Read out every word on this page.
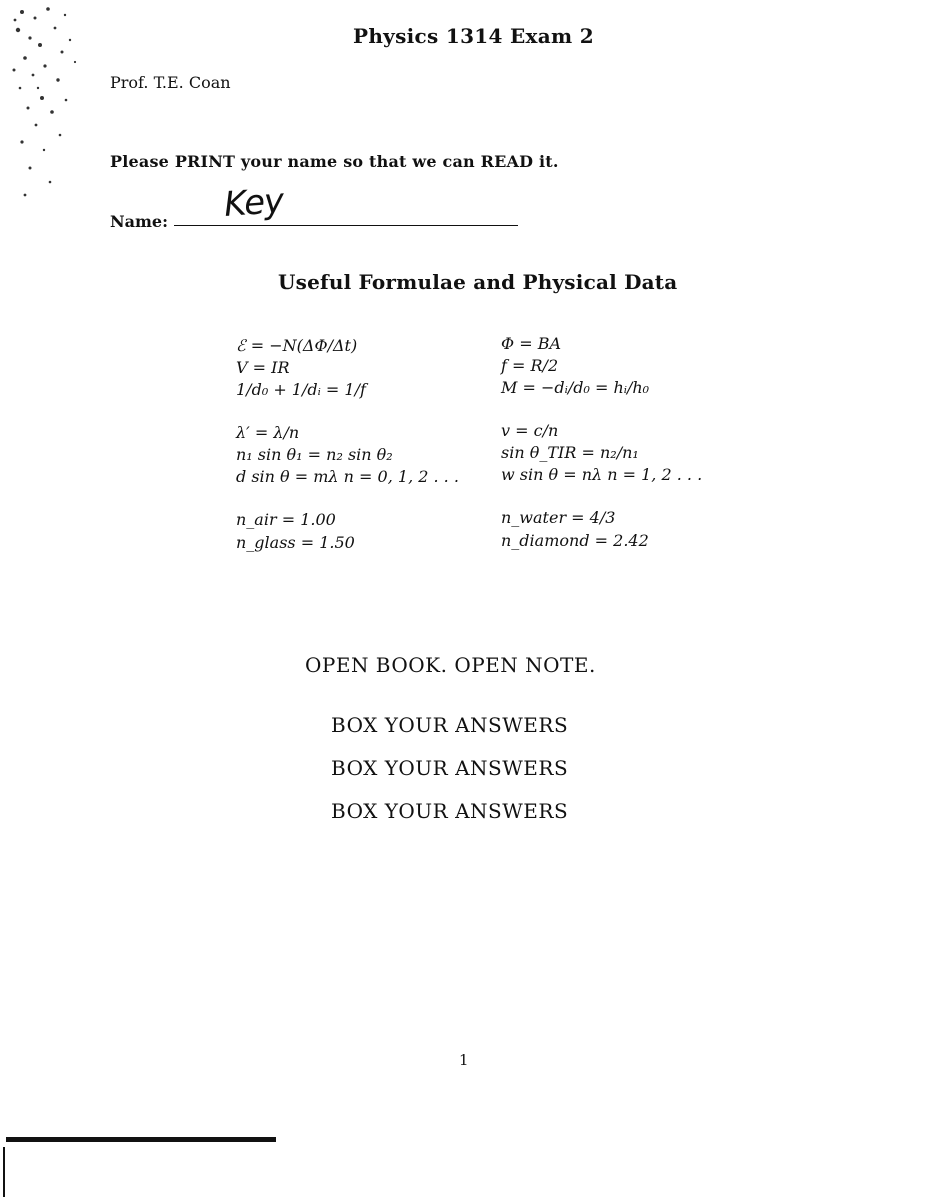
Physics 1314 Exam 2
Prof. T.E. Coan
Please PRINT your name so that we can READ it.
Name: Key
Useful Formulae and Physical Data
ℰ = −N(ΔΦ/Δt)
V = IR
1/d₀ + 1/dᵢ = 1/f
λ′ = λ/n
n₁ sin θ₁ = n₂ sin θ₂
d sin θ = mλ n = 0, 1, 2 . . .
n_air = 1.00
n_glass = 1.50
Φ = BA
f = R/2
M = −dᵢ/d₀ = hᵢ/h₀
v = c/n
sin θ_TIR = n₂/n₁
w sin θ = nλ n = 1, 2 . . .
n_water = 4/3
n_diamond = 2.42
OPEN BOOK. OPEN NOTE.
BOX YOUR ANSWERS
BOX YOUR ANSWERS
BOX YOUR ANSWERS
1
